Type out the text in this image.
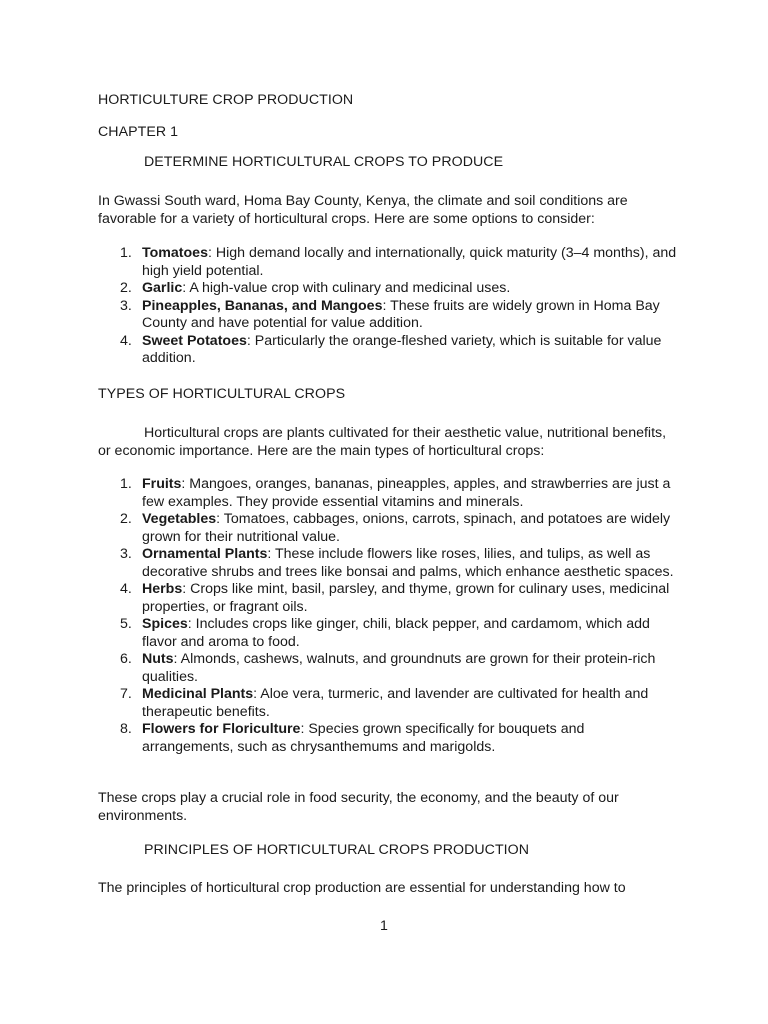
HORTICULTURE CROP PRODUCTION
CHAPTER 1
DETERMINE HORTICULTURAL CROPS TO PRODUCE

In Gwassi South ward, Homa Bay County, Kenya, the climate and soil conditions are favorable for a variety of horticultural crops. Here are some options to consider:

1. Tomatoes: High demand locally and internationally, quick maturity (3–4 months), and high yield potential.
2. Garlic: A high-value crop with culinary and medicinal uses.
3. Pineapples, Bananas, and Mangoes: These fruits are widely grown in Homa Bay County and have potential for value addition.
4. Sweet Potatoes: Particularly the orange-fleshed variety, which is suitable for value addition.
TYPES OF HORTICULTURAL CROPS

Horticultural crops are plants cultivated for their aesthetic value, nutritional benefits, or economic importance. Here are the main types of horticultural crops:

1. Fruits: Mangoes, oranges, bananas, pineapples, apples, and strawberries are just a few examples. They provide essential vitamins and minerals.
2. Vegetables: Tomatoes, cabbages, onions, carrots, spinach, and potatoes are widely grown for their nutritional value.
3. Ornamental Plants: These include flowers like roses, lilies, and tulips, as well as decorative shrubs and trees like bonsai and palms, which enhance aesthetic spaces.
4. Herbs: Crops like mint, basil, parsley, and thyme, grown for culinary uses, medicinal properties, or fragrant oils.
5. Spices: Includes crops like ginger, chili, black pepper, and cardamom, which add flavor and aroma to food.
6. Nuts: Almonds, cashews, walnuts, and groundnuts are grown for their protein-rich qualities.
7. Medicinal Plants: Aloe vera, turmeric, and lavender are cultivated for health and therapeutic benefits.
8. Flowers for Floriculture: Species grown specifically for bouquets and arrangements, such as chrysanthemums and marigolds.

These crops play a crucial role in food security, the economy, and the beauty of our environments.

PRINCIPLES OF HORTICULTURAL CROPS PRODUCTION

The principles of horticultural crop production are essential for understanding how to

1
